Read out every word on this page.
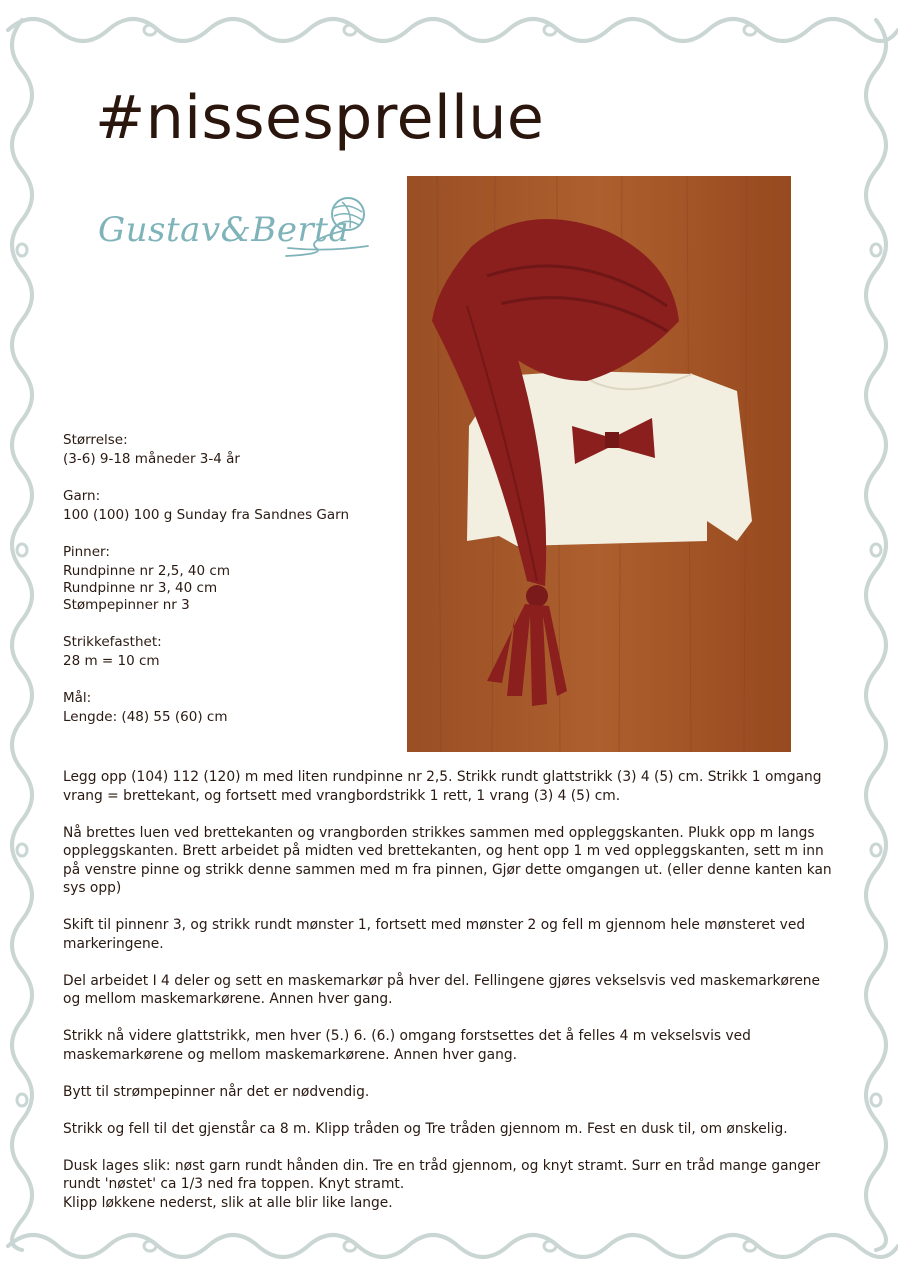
#nissesprellue
Gustav&Berta
Størrelse:
(3-6) 9-18 måneder 3-4 år
Garn:
100 (100) 100 g Sunday fra Sandnes Garn
Pinner:
Rundpinne nr 2,5, 40 cm
Rundpinne nr 3, 40 cm
Stømpepinner nr 3
Strikkefasthet:
28 m = 10 cm
Mål:
Lengde: (48) 55 (60) cm

Legg opp (104) 112 (120) m med liten rundpinne nr 2,5. Strikk rundt glattstrikk (3) 4 (5) cm. Strikk 1 omgang vrang = brettekant, og fortsett med vrangbordstrikk 1 rett, 1 vrang (3) 4 (5) cm.

Nå brettes luen ved brettekanten og vrangborden strikkes sammen med oppleggskanten. Plukk opp m langs oppleggskanten. Brett arbeidet på midten ved brettekanten, og hent opp 1 m ved oppleggskanten, sett m inn på venstre pinne og strikk denne sammen med m fra pinnen, Gjør dette omgangen ut. (eller denne kanten kan sys opp)

Skift til pinnenr 3, og strikk rundt mønster 1, fortsett med mønster 2 og fell m gjennom hele mønsteret ved markeringene.

Del arbeidet I 4 deler og sett en maskemarkør på hver del. Fellingene gjøres vekselsvis ved maskemarkørene og mellom maskemarkørene. Annen hver gang.

Strikk nå videre glattstrikk, men hver (5.) 6. (6.) omgang forstsettes det å felles 4 m vekselsvis ved maskemarkørene og mellom maskemarkørene. Annen hver gang.

Bytt til strømpepinner når det er nødvendig.

Strikk og fell til det gjenstår ca 8 m. Klipp tråden og Tre tråden gjennom m. Fest en dusk til, om ønskelig.

Dusk lages slik: nøst garn rundt hånden din. Tre en tråd gjennom, og knyt stramt. Surr en tråd mange ganger rundt 'nøstet' ca 1/3 ned fra toppen. Knyt stramt.
Klipp løkkene nederst, slik at alle blir like lange.
